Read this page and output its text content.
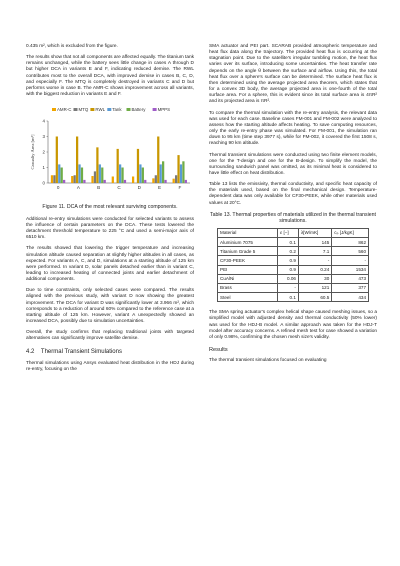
0.435 m², which is excluded from the figure.

The results show that not all components are affected equally. The titanium tank remains unchanged, while the battery sees little change in cases A through D but higher DCA in variants E and F, indicating reduced demise. The RWL contributes most to the overall DCA, with improved demise in cases B, C, D, and especially F. The MTQ is completely destroyed in variants C and D but performs worse in case B. The AMR-C shows improvement across all variants, with the biggest reduction in variants E and F.

AMR-C MTQ RWL Tank Battery	MPPS
0
1
2
3
4
Casualty Area [m²]
0	A	B	C	D	E	F

Figure 11. DCA of the most relevant surviving components.

Additional re-entry simulations were conducted for selected variants to assess the influence of certain parameters on the DCA. These tests lowered the detachment threshold temperature to 225 °C and used a semi-major axis of 6510 km.

The results showed that lowering the trigger temperature and increasing simulation altitude caused separation at slightly higher altitudes in all cases, as expected. For variants A, C, and D, simulations at a starting altitude of 125 km were performed. In variant D, solar panels detached earlier than in variant C, leading to increased heating of connected joints and earlier detachment of additional components.

Due to time constraints, only selected cases were compared. The results aligned with the previous study, with variant D now showing the greatest improvement. The DCA for variant D was significantly lower at 3.966 m², which corresponds to a reduction of around 60% compared to the reference case at a starting altitude of 125 km. However, variant A unexpectedly showed an increased DCA, possibly due to simulation uncertainties.

Overall, the study confirms that replacing traditional joints with targeted alternatives can significantly improve satellite demise.

4.2 Thermal Transient Simulations

Thermal simulations using Ansys evaluated heat distribution in the HDJ during re-entry, focusing on the

SMA actuator and PEI part. SCARAB provided atmospheric temperature and heat flux data along the trajectory. The provided heat flux is occurring at the stagnation point. Due to the satellite's irregular tumbling motion, the heat flux varies over its surface, introducing some uncertainties. The heat transfer rate depends on the angle θ between the surface and airflow. Using this, the total heat flux over a sphere's surface can be determined. The surface heat flux is then determined using the average projected area theorem, which states that for a convex 3D body, the average projected area is one-fourth of the total surface area. For a sphere, this is evident since its total surface area is 4πR² and its projected area is πR².

To compare the thermal simulation with the re-entry analysis, the relevant data was used for each case. Baseline cases FM-001 and FM-002 were analyzed to assess how the starting altitude affects heating. To save computing resources, only the early re-entry phase was simulated. For FM-001, the simulation ran down to 95 km (time step 3977 s), while for FM-002, it covered the first 1508 s, reaching 90 km altitude.

Thermal transient simulations were conducted using two finite element models, one for the T-design and one for the B-design. To simplify the model, the surrounding sandwich panel was omitted, as its minimal heat is considered to have little effect on heat distribution.

Table 13 lists the emissivity, thermal conductivity, and specific heat capacity of the materials used, based on the final mechanical design. Temperature-dependent data was only available for CF30-PEEK, while other materials used values at 20°C.

Table 13. Thermal properties of materials utilized in the thermal transient simulations.

Material	ε [−]	λ[W/mK]	cₚ [J/kgK]
Aluminium 7075	0.1	145	862
Titanium Grade 5	0.2	7.1	560
CF30-PEEK	0.9	-	-
PEI	0.9	0.24	1534
CuAlNi	0.06	30	473
Brass	-	121	377
Steel	0.1	60.5	434

The SMA spring actuator's complex helical shape caused meshing issues, so a simplified model with adjusted density and thermal conductivity (50% lower) was used for the HDJ-B model. A similar approach was taken for the HDJ-T model after accuracy concerns. A refined mesh test for case showed a variation of only 0.98%, confirming the chosen mesh size's validity.

Results

The thermal transient simulations focused on evaluating
